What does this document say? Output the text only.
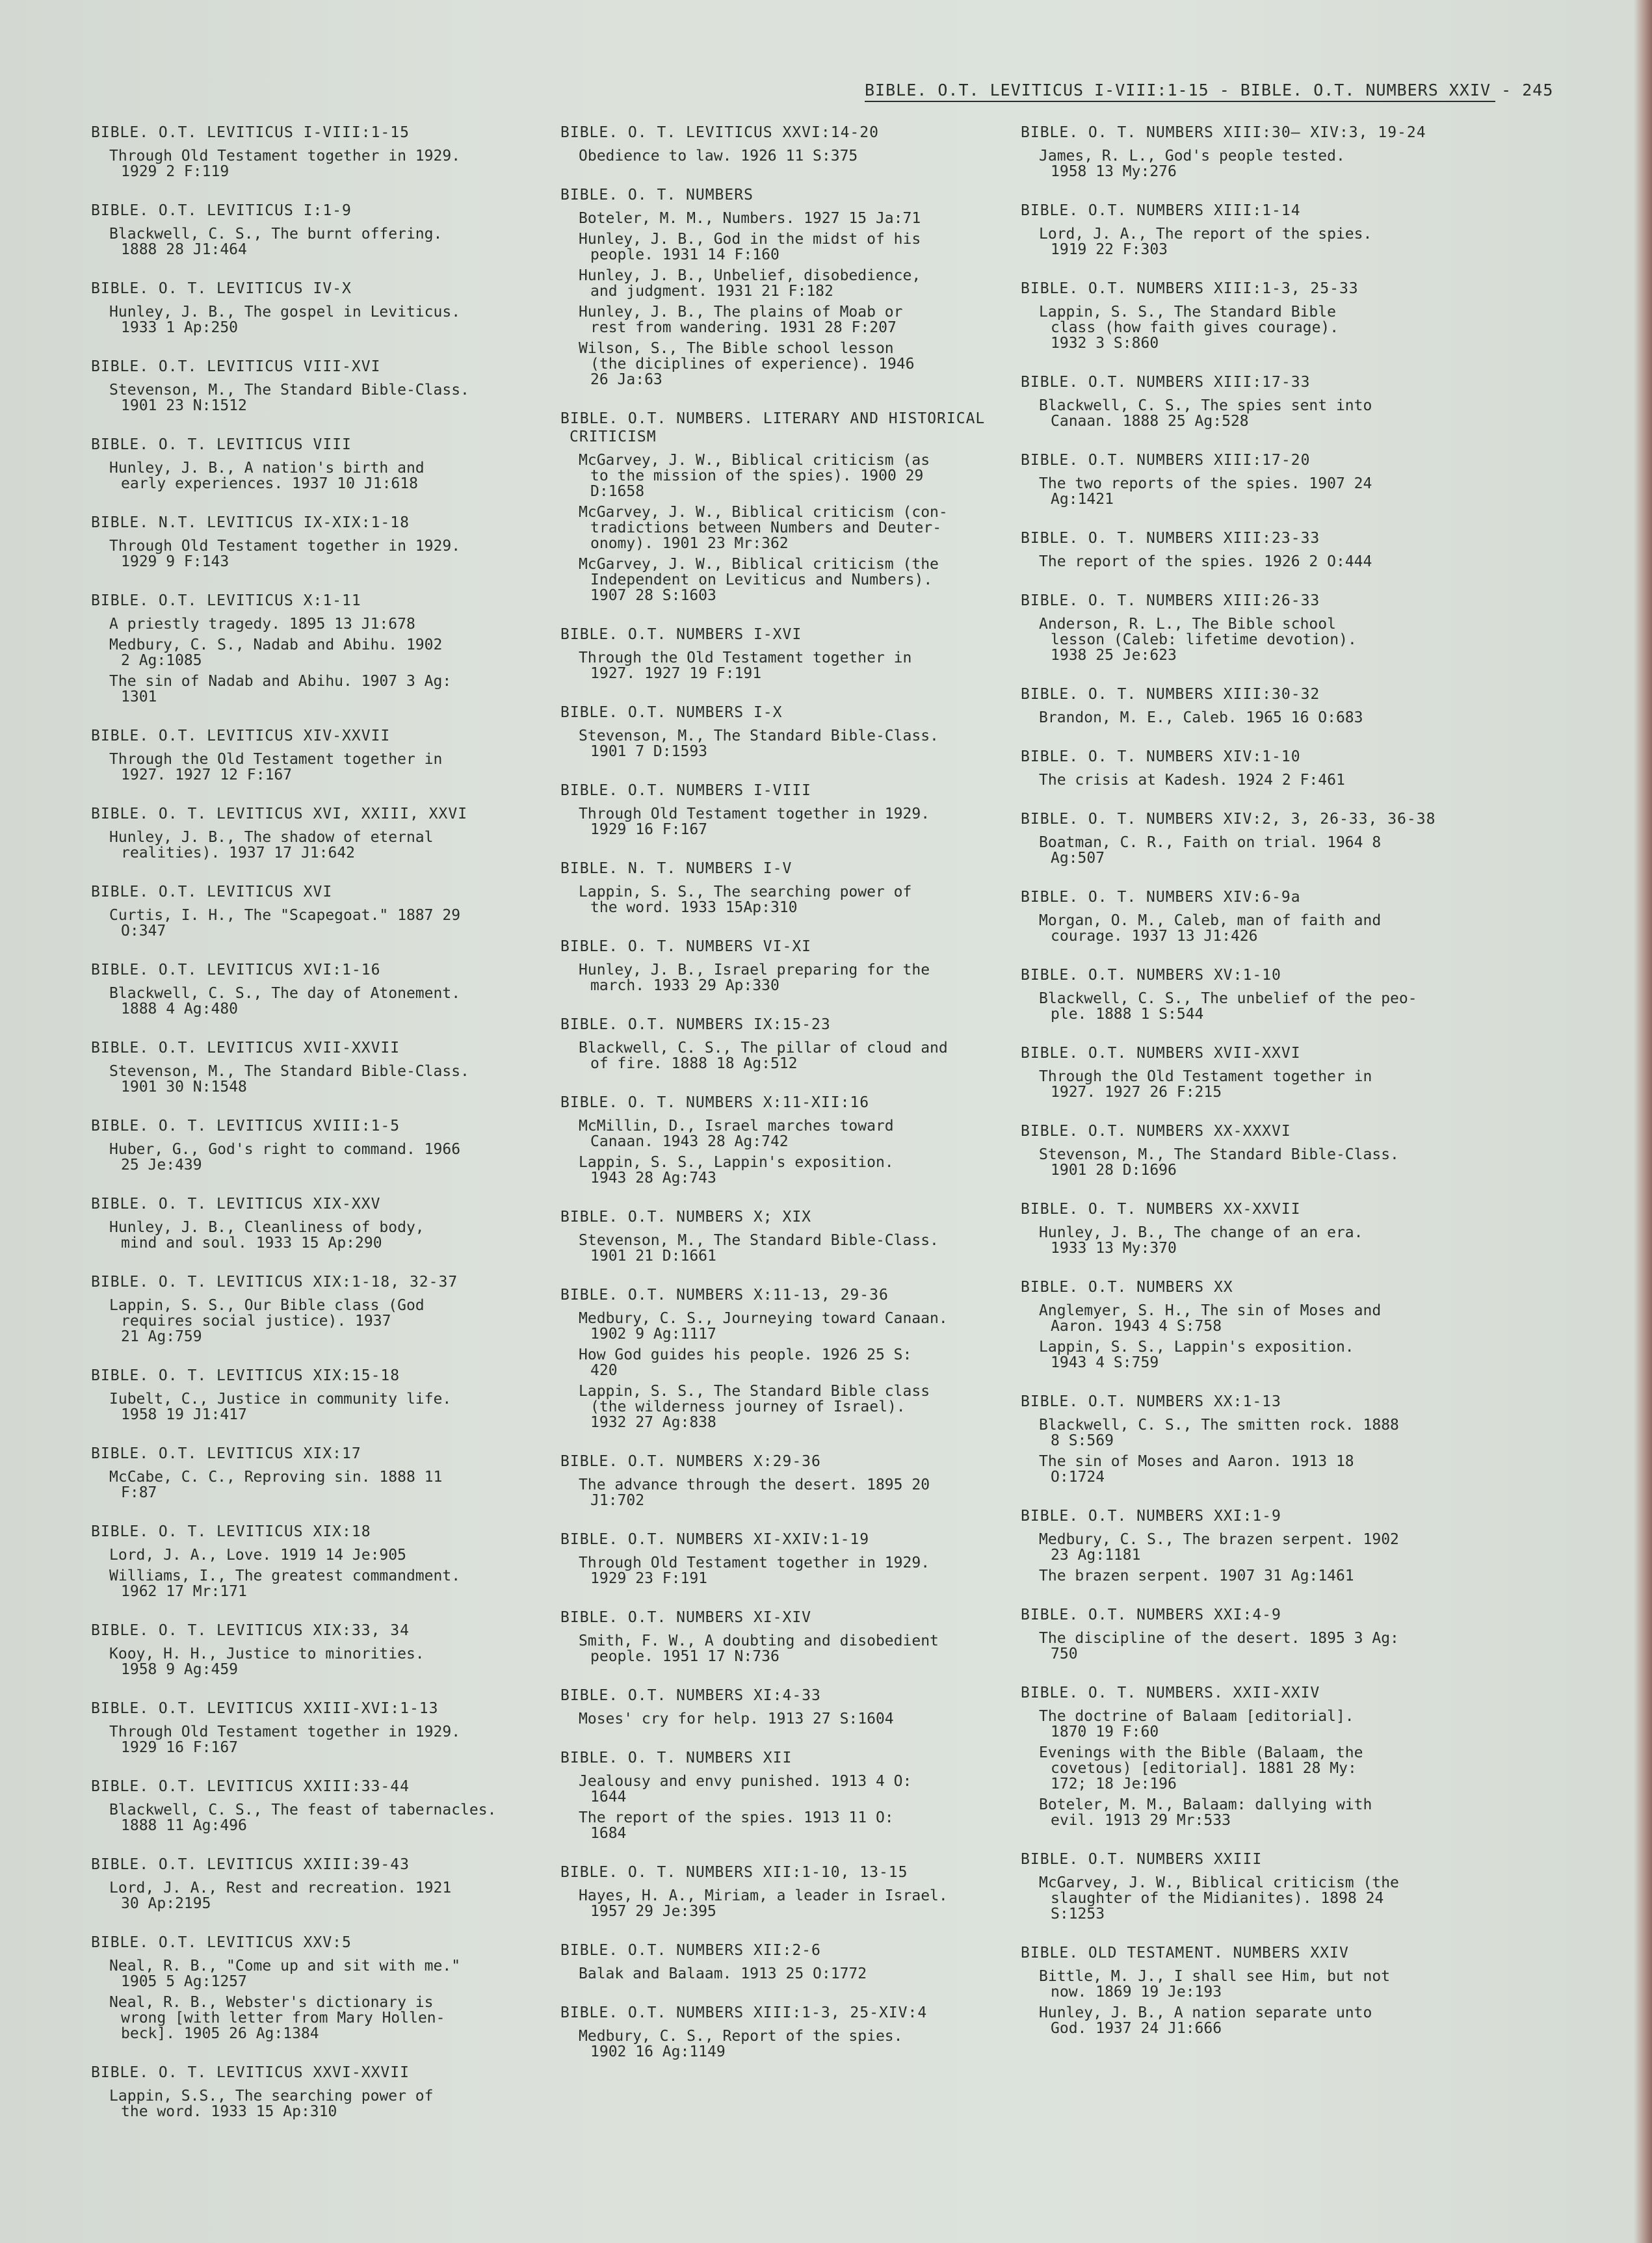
BIBLE. O.T. LEVITICUS I-VIII:1-15 - BIBLE. O.T. NUMBERS XXIV - 245
BIBLE. O.T. LEVITICUS I-VIII:1-15
Through Old Testament together in 1929.
1929 2 F:119
BIBLE. O.T. LEVITICUS I:1-9
Blackwell, C. S., The burnt offering.
1888 28 J1:464
BIBLE. O. T. LEVITICUS IV-X
Hunley, J. B., The gospel in Leviticus.
1933 1 Ap:250
BIBLE. O.T. LEVITICUS VIII-XVI
Stevenson, M., The Standard Bible-Class.
1901 23 N:1512
BIBLE. O. T. LEVITICUS VIII
Hunley, J. B., A nation's birth and
early experiences. 1937 10 J1:618
BIBLE. N.T. LEVITICUS IX-XIX:1-18
Through Old Testament together in 1929.
1929 9 F:143
BIBLE. O.T. LEVITICUS X:1-11
A priestly tragedy. 1895 13 J1:678
Medbury, C. S., Nadab and Abihu. 1902
2 Ag:1085
The sin of Nadab and Abihu. 1907 3 Ag:
1301
BIBLE. O.T. LEVITICUS XIV-XXVII
Through the Old Testament together in
1927. 1927 12 F:167
BIBLE. O. T. LEVITICUS XVI, XXIII, XXVI
Hunley, J. B., The shadow of eternal
realities). 1937 17 J1:642
BIBLE. O.T. LEVITICUS XVI
Curtis, I. H., The "Scapegoat." 1887 29
O:347
BIBLE. O.T. LEVITICUS XVI:1-16
Blackwell, C. S., The day of Atonement.
1888 4 Ag:480
BIBLE. O.T. LEVITICUS XVII-XXVII
Stevenson, M., The Standard Bible-Class.
1901 30 N:1548
BIBLE. O. T. LEVITICUS XVIII:1-5
Huber, G., God's right to command. 1966
25 Je:439
BIBLE. O. T. LEVITICUS XIX-XXV
Hunley, J. B., Cleanliness of body,
mind and soul. 1933 15 Ap:290
BIBLE. O. T. LEVITICUS XIX:1-18, 32-37
Lappin, S. S., Our Bible class (God
requires social justice). 1937
21 Ag:759
BIBLE. O. T. LEVITICUS XIX:15-18
Iubelt, C., Justice in community life.
1958 19 J1:417
BIBLE. O.T. LEVITICUS XIX:17
McCabe, C. C., Reproving sin. 1888 11
F:87
BIBLE. O. T. LEVITICUS XIX:18
Lord, J. A., Love. 1919 14 Je:905
Williams, I., The greatest commandment.
1962 17 Mr:171
BIBLE. O. T. LEVITICUS XIX:33, 34
Kooy, H. H., Justice to minorities.
1958 9 Ag:459
BIBLE. O.T. LEVITICUS XXIII-XVI:1-13
Through Old Testament together in 1929.
1929 16 F:167
BIBLE. O.T. LEVITICUS XXIII:33-44
Blackwell, C. S., The feast of tabernacles.
1888 11 Ag:496
BIBLE. O.T. LEVITICUS XXIII:39-43
Lord, J. A., Rest and recreation. 1921
30 Ap:2195
BIBLE. O.T. LEVITICUS XXV:5
Neal, R. B., "Come up and sit with me."
1905 5 Ag:1257
Neal, R. B., Webster's dictionary is
wrong [with letter from Mary Hollen-
beck]. 1905 26 Ag:1384
BIBLE. O. T. LEVITICUS XXVI-XXVII
Lappin, S.S., The searching power of
the word. 1933 15 Ap:310
BIBLE. O. T. LEVITICUS XXVI:14-20
Obedience to law. 1926 11 S:375
BIBLE. O. T. NUMBERS
Boteler, M. M., Numbers. 1927 15 Ja:71
Hunley, J. B., God in the midst of his
people. 1931 14 F:160
Hunley, J. B., Unbelief, disobedience,
and judgment. 1931 21 F:182
Hunley, J. B., The plains of Moab or
rest from wandering. 1931 28 F:207
Wilson, S., The Bible school lesson
(the diciplines of experience). 1946
26 Ja:63
BIBLE. O.T. NUMBERS. LITERARY AND HISTORICAL CRITICISM
McGarvey, J. W., Biblical criticism (as
to the mission of the spies). 1900 29
D:1658
McGarvey, J. W., Biblical criticism (con-
tradictions between Numbers and Deuter-
onomy). 1901 23 Mr:362
McGarvey, J. W., Biblical criticism (the
Independent on Leviticus and Numbers).
1907 28 S:1603
BIBLE. O.T. NUMBERS I-XVI
Through the Old Testament together in
1927. 1927 19 F:191
BIBLE. O.T. NUMBERS I-X
Stevenson, M., The Standard Bible-Class.
1901 7 D:1593
BIBLE. O.T. NUMBERS I-VIII
Through Old Testament together in 1929.
1929 16 F:167
BIBLE. N. T. NUMBERS I-V
Lappin, S. S., The searching power of
the word. 1933 15Ap:310
BIBLE. O. T. NUMBERS VI-XI
Hunley, J. B., Israel preparing for the
march. 1933 29 Ap:330
BIBLE. O.T. NUMBERS IX:15-23
Blackwell, C. S., The pillar of cloud and
of fire. 1888 18 Ag:512
BIBLE. O. T. NUMBERS X:11-XII:16
McMillin, D., Israel marches toward
Canaan. 1943 28 Ag:742
Lappin, S. S., Lappin's exposition.
1943 28 Ag:743
BIBLE. O.T. NUMBERS X; XIX
Stevenson, M., The Standard Bible-Class.
1901 21 D:1661
BIBLE. O.T. NUMBERS X:11-13, 29-36
Medbury, C. S., Journeying toward Canaan.
1902 9 Ag:1117
How God guides his people. 1926 25 S:
420
Lappin, S. S., The Standard Bible class
(the wilderness journey of Israel).
1932 27 Ag:838
BIBLE. O.T. NUMBERS X:29-36
The advance through the desert. 1895 20
J1:702
BIBLE. O.T. NUMBERS XI-XXIV:1-19
Through Old Testament together in 1929.
1929 23 F:191
BIBLE. O.T. NUMBERS XI-XIV
Smith, F. W., A doubting and disobedient
people. 1951 17 N:736
BIBLE. O.T. NUMBERS XI:4-33
Moses' cry for help. 1913 27 S:1604
BIBLE. O. T. NUMBERS XII
Jealousy and envy punished. 1913 4 O:
1644
The report of the spies. 1913 11 O:
1684
BIBLE. O. T. NUMBERS XII:1-10, 13-15
Hayes, H. A., Miriam, a leader in Israel.
1957 29 Je:395
BIBLE. O.T. NUMBERS XII:2-6
Balak and Balaam. 1913 25 O:1772
BIBLE. O.T. NUMBERS XIII:1-3, 25-XIV:4
Medbury, C. S., Report of the spies.
1902 16 Ag:1149
BIBLE. O. T. NUMBERS XIII:30— XIV:3, 19-24
James, R. L., God's people tested.
1958 13 My:276
BIBLE. O.T. NUMBERS XIII:1-14
Lord, J. A., The report of the spies.
1919 22 F:303
BIBLE. O.T. NUMBERS XIII:1-3, 25-33
Lappin, S. S., The Standard Bible
class (how faith gives courage).
1932 3 S:860
BIBLE. O.T. NUMBERS XIII:17-33
Blackwell, C. S., The spies sent into
Canaan. 1888 25 Ag:528
BIBLE. O.T. NUMBERS XIII:17-20
The two reports of the spies. 1907 24
Ag:1421
BIBLE. O. T. NUMBERS XIII:23-33
The report of the spies. 1926 2 O:444
BIBLE. O. T. NUMBERS XIII:26-33
Anderson, R. L., The Bible school
lesson (Caleb: lifetime devotion).
1938 25 Je:623
BIBLE. O. T. NUMBERS XIII:30-32
Brandon, M. E., Caleb. 1965 16 O:683
BIBLE. O. T. NUMBERS XIV:1-10
The crisis at Kadesh. 1924 2 F:461
BIBLE. O. T. NUMBERS XIV:2, 3, 26-33, 36-38
Boatman, C. R., Faith on trial. 1964 8
Ag:507
BIBLE. O. T. NUMBERS XIV:6-9a
Morgan, O. M., Caleb, man of faith and
courage. 1937 13 J1:426
BIBLE. O.T. NUMBERS XV:1-10
Blackwell, C. S., The unbelief of the peo-
ple. 1888 1 S:544
BIBLE. O.T. NUMBERS XVII-XXVI
Through the Old Testament together in
1927. 1927 26 F:215
BIBLE. O.T. NUMBERS XX-XXXVI
Stevenson, M., The Standard Bible-Class.
1901 28 D:1696
BIBLE. O. T. NUMBERS XX-XXVII
Hunley, J. B., The change of an era.
1933 13 My:370
BIBLE. O.T. NUMBERS XX
Anglemyer, S. H., The sin of Moses and
Aaron. 1943 4 S:758
Lappin, S. S., Lappin's exposition.
1943 4 S:759
BIBLE. O.T. NUMBERS XX:1-13
Blackwell, C. S., The smitten rock. 1888
8 S:569
The sin of Moses and Aaron. 1913 18
O:1724
BIBLE. O.T. NUMBERS XXI:1-9
Medbury, C. S., The brazen serpent. 1902
23 Ag:1181
The brazen serpent. 1907 31 Ag:1461
BIBLE. O.T. NUMBERS XXI:4-9
The discipline of the desert. 1895 3 Ag:
750
BIBLE. O. T. NUMBERS. XXII-XXIV
The doctrine of Balaam [editorial].
1870 19 F:60
Evenings with the Bible (Balaam, the
covetous) [editorial]. 1881 28 My:
172; 18 Je:196
Boteler, M. M., Balaam: dallying with
evil. 1913 29 Mr:533
BIBLE. O.T. NUMBERS XXIII
McGarvey, J. W., Biblical criticism (the
slaughter of the Midianites). 1898 24
S:1253
BIBLE. OLD TESTAMENT. NUMBERS XXIV
Bittle, M. J., I shall see Him, but not
now. 1869 19 Je:193
Hunley, J. B., A nation separate unto
God. 1937 24 J1:666
